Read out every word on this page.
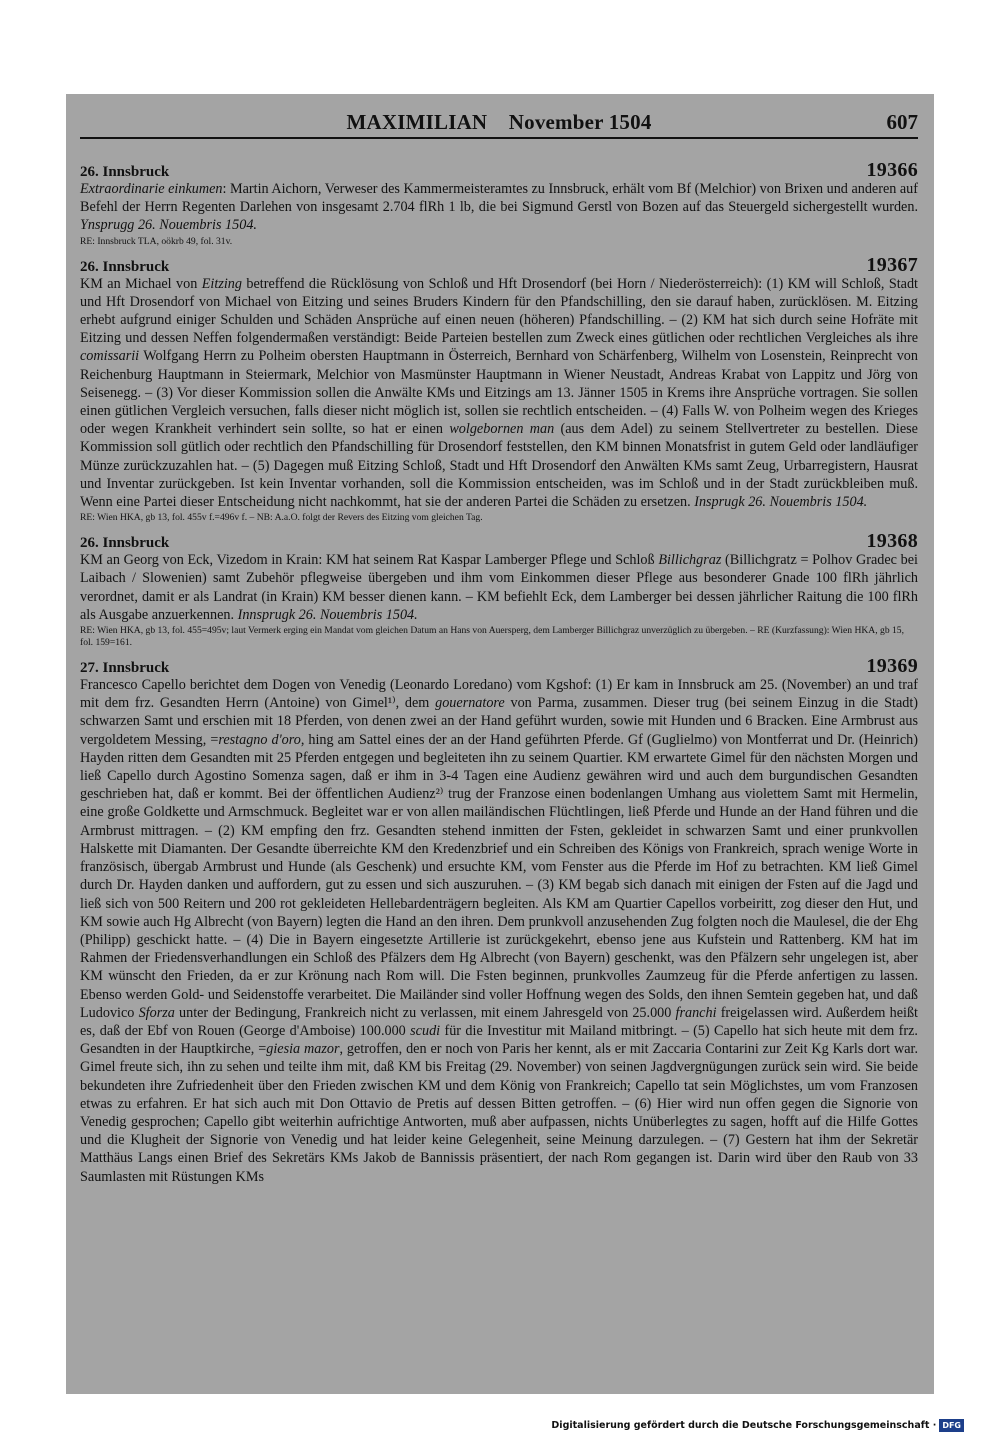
MAXIMILIAN November 1504	607
26. Innsbruck	19366

Extraordinarie einkumen: Martin Aichorn, Verweser des Kammermeisteramtes zu Innsbruck, erhält vom Bf (Melchior) von Brixen und anderen auf Befehl der Herrn Regenten Darlehen von insgesamt 2.704 flRh 1 lb, die bei Sigmund Gerstl von Bozen auf das Steuergeld sichergestellt wurden. Ynsprugg 26. Nouembris 1504.

RE: Innsbruck TLA, oökrb 49, fol. 31v.
26. Innsbruck	19367

KM an Michael von Eitzing betreffend die Rücklösung von Schloß und Hft Drosendorf (bei Horn / Niederösterreich): (1) KM will Schloß, Stadt und Hft Drosendorf von Michael von Eitzing und seines Bruders Kindern für den Pfandschilling, den sie darauf haben, zurücklösen. M. Eitzing erhebt aufgrund einiger Schulden und Schäden Ansprüche auf einen neuen (höheren) Pfandschilling. – (2) KM hat sich durch seine Hofräte mit Eitzing und dessen Neffen folgendermaßen verständigt: Beide Parteien bestellen zum Zweck eines gütlichen oder rechtlichen Vergleiches als ihre comissarii Wolfgang Herrn zu Polheim obersten Hauptmann in Österreich, Bernhard von Schärfenberg, Wilhelm von Losenstein, Reinprecht von Reichenburg Hauptmann in Steiermark, Melchior von Masmünster Hauptmann in Wiener Neustadt, Andreas Krabat von Lappitz und Jörg von Seisenegg. – (3) Vor dieser Kommission sollen die Anwälte KMs und Eitzings am 13. Jänner 1505 in Krems ihre Ansprüche vortragen. Sie sollen einen gütlichen Vergleich versuchen, falls dieser nicht möglich ist, sollen sie rechtlich entscheiden. – (4) Falls W. von Polheim wegen des Krieges oder wegen Krankheit verhindert sein sollte, so hat er einen wolgebornen man (aus dem Adel) zu seinem Stellvertreter zu bestellen. Diese Kommission soll gütlich oder rechtlich den Pfandschilling für Drosendorf feststellen, den KM binnen Monatsfrist in gutem Geld oder landläufiger Münze zurückzuzahlen hat. – (5) Dagegen muß Eitzing Schloß, Stadt und Hft Drosendorf den Anwälten KMs samt Zeug, Urbarregistern, Hausrat und Inventar zurückgeben. Ist kein Inventar vorhanden, soll die Kommission entscheiden, was im Schloß und in der Stadt zurückbleiben muß. Wenn eine Partei dieser Entscheidung nicht nachkommt, hat sie der anderen Partei die Schäden zu ersetzen. Insprugk 26. Nouembris 1504.

RE: Wien HKA, gb 13, fol. 455v f.=496v f. – NB: A.a.O. folgt der Revers des Eitzing vom gleichen Tag.
26. Innsbruck	19368

KM an Georg von Eck, Vizedom in Krain: KM hat seinem Rat Kaspar Lamberger Pflege und Schloß Billichgraz (Billichgratz = Polhov Gradec bei Laibach / Slowenien) samt Zubehör pflegweise übergeben und ihm vom Einkommen dieser Pflege aus besonderer Gnade 100 flRh jährlich verordnet, damit er als Landrat (in Krain) KM besser dienen kann. – KM befiehlt Eck, dem Lamberger bei dessen jährlicher Raitung die 100 flRh als Ausgabe anzuerkennen. Innsprugk 26. Nouembris 1504.

RE: Wien HKA, gb 13, fol. 455=495v; laut Vermerk erging ein Mandat vom gleichen Datum an Hans von Auersperg, dem Lamberger Billichgraz unverzüglich zu übergeben. – RE (Kurzfassung): Wien HKA, gb 15, fol. 159=161.
27. Innsbruck	19369

Francesco Capello berichtet dem Dogen von Venedig (Leonardo Loredano) vom Kgshof: (1) Er kam in Innsbruck am 25. (November) an und traf mit dem frz. Gesandten Herrn (Antoine) von Gimel¹⁾, dem gouernatore von Parma, zusammen. Dieser trug (bei seinem Einzug in die Stadt) schwarzen Samt und erschien mit 18 Pferden, von denen zwei an der Hand geführt wurden, sowie mit Hunden und 6 Bracken. Eine Armbrust aus vergoldetem Messing, =restagno d'oro, hing am Sattel eines der an der Hand geführten Pferde. Gf (Guglielmo) von Montferrat und Dr. (Heinrich) Hayden ritten dem Gesandten mit 25 Pferden entgegen und begleiteten ihn zu seinem Quartier. KM erwartete Gimel für den nächsten Morgen und ließ Capello durch Agostino Somenza sagen, daß er ihm in 3-4 Tagen eine Audienz gewähren wird und auch dem burgundischen Gesandten geschrieben hat, daß er kommt. Bei der öffentlichen Audienz²⁾ trug der Franzose einen bodenlangen Umhang aus violettem Samt mit Hermelin, eine große Goldkette und Armschmuck. Begleitet war er von allen mailändischen Flüchtlingen, ließ Pferde und Hunde an der Hand führen und die Armbrust mittragen. – (2) KM empfing den frz. Gesandten stehend inmitten der Fsten, gekleidet in schwarzen Samt und einer prunkvollen Halskette mit Diamanten. Der Gesandte überreichte KM den Kredenzbrief und ein Schreiben des Königs von Frankreich, sprach wenige Worte in französisch, übergab Armbrust und Hunde (als Geschenk) und ersuchte KM, vom Fenster aus die Pferde im Hof zu betrachten. KM ließ Gimel durch Dr. Hayden danken und auffordern, gut zu essen und sich auszuruhen. – (3) KM begab sich danach mit einigen der Fsten auf die Jagd und ließ sich von 500 Reitern und 200 rot gekleideten Hellebardenträgern begleiten. Als KM am Quartier Capellos vorbeiritt, zog dieser den Hut, und KM sowie auch Hg Albrecht (von Bayern) legten die Hand an den ihren. Dem prunkvoll anzusehenden Zug folgten noch die Maulesel, die der Ehg (Philipp) geschickt hatte. – (4) Die in Bayern eingesetzte Artillerie ist zurückgekehrt, ebenso jene aus Kufstein und Rattenberg. KM hat im Rahmen der Friedensverhandlungen ein Schloß des Pfälzers dem Hg Albrecht (von Bayern) geschenkt, was den Pfälzern sehr ungelegen ist, aber KM wünscht den Frieden, da er zur Krönung nach Rom will. Die Fsten beginnen, prunkvolles Zaumzeug für die Pferde anfertigen zu lassen. Ebenso werden Gold- und Seidenstoffe verarbeitet. Die Mailänder sind voller Hoffnung wegen des Solds, den ihnen Semtein gegeben hat, und daß Ludovico Sforza unter der Bedingung, Frankreich nicht zu verlassen, mit einem Jahresgeld von 25.000 franchi freigelassen wird. Außerdem heißt es, daß der Ebf von Rouen (George d'Amboise) 100.000 scudi für die Investitur mit Mailand mitbringt. – (5) Capello hat sich heute mit dem frz. Gesandten in der Hauptkirche, =giesia mazor, getroffen, den er noch von Paris her kennt, als er mit Zaccaria Contarini zur Zeit Kg Karls dort war. Gimel freute sich, ihn zu sehen und teilte ihm mit, daß KM bis Freitag (29. November) von seinen Jagdvergnügungen zurück sein wird. Sie beide bekundeten ihre Zufriedenheit über den Frieden zwischen KM und dem König von Frankreich; Capello tat sein Möglichstes, um vom Franzosen etwas zu erfahren. Er hat sich auch mit Don Ottavio de Pretis auf dessen Bitten getroffen. – (6) Hier wird nun offen gegen die Signorie von Venedig gesprochen; Capello gibt weiterhin aufrichtige Antworten, muß aber aufpassen, nichts Unüberlegtes zu sagen, hofft auf die Hilfe Gottes und die Klugheit der Signorie von Venedig und hat leider keine Gelegenheit, seine Meinung darzulegen. – (7) Gestern hat ihm der Sekretär Matthäus Langs einen Brief des Sekretärs KMs Jakob de Bannissis präsentiert, der nach Rom gegangen ist. Darin wird über den Raub von 33 Saumlasten mit Rüstungen KMs

Digitalisierung gefördert durch die Deutsche Forschungsgemeinschaft · DFG
